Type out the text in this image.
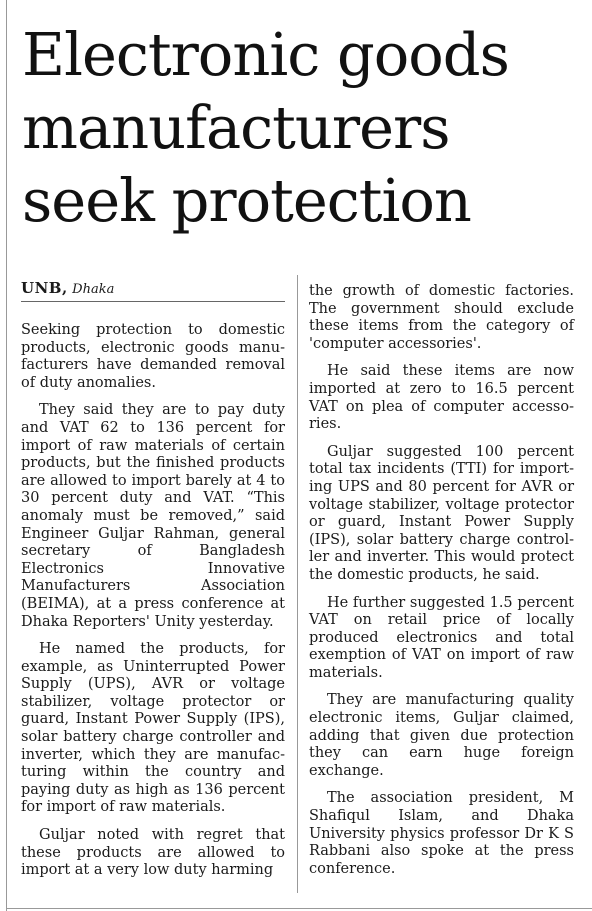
Electronic goods manufacturers seek protection
UNB, Dhaka

Seeking protection to domestic products, electronic goods manufacturers have demanded removal of duty anomalies.

They said they are to pay duty and VAT 62 to 136 percent for import of raw materials of certain products, but the finished products are allowed to import barely at 4 to 30 percent duty and VAT. “This anomaly must be removed,” said Engineer Guljar Rahman, general secretary of Bangladesh Electronics Innovative Manufacturers Association (BEIMA), at a press conference at Dhaka Reporters' Unity yesterday.

He named the products, for example, as Uninterrupted Power Supply (UPS), AVR or voltage stabilizer, voltage protector or guard, Instant Power Supply (IPS), solar battery charge controller and inverter, which they are manufacturing within the country and paying duty as high as 136 percent for import of raw materials.

Guljar noted with regret that these products are allowed to import at a very low duty harming

the growth of domestic factories. The government should exclude these items from the category of 'computer accessories'.

He said these items are now imported at zero to 16.5 percent VAT on plea of computer accessories.

Guljar suggested 100 percent total tax incidents (TTI) for importing UPS and 80 percent for AVR or voltage stabilizer, voltage protector or guard, Instant Power Supply (IPS), solar battery charge controller and inverter. This would protect the domestic products, he said.

He further suggested 1.5 percent VAT on retail price of locally produced electronics and total exemption of VAT on import of raw materials.

They are manufacturing quality electronic items, Guljar claimed, adding that given due protection they can earn huge foreign exchange.

The association president, M Shafiqul Islam, and Dhaka University physics professor Dr K S Rabbani also spoke at the press conference.
